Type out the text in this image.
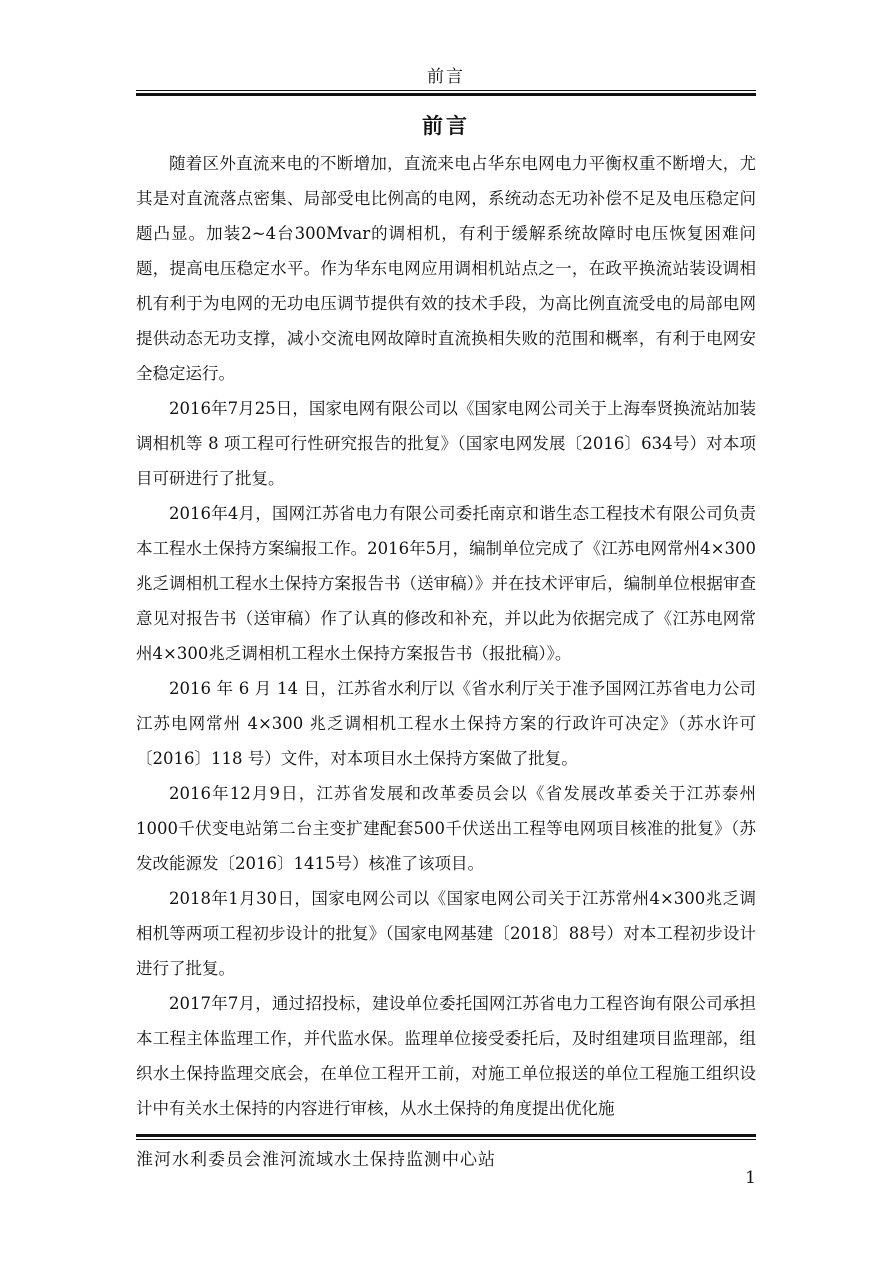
前言
前言

随着区外直流来电的不断增加，直流来电占华东电网电力平衡权重不断增大，尤其是对直流落点密集、局部受电比例高的电网，系统动态无功补偿不足及电压稳定问题凸显。加装2~4台300Mvar的调相机，有利于缓解系统故障时电压恢复困难问题，提高电压稳定水平。作为华东电网应用调相机站点之一，在政平换流站装设调相机有利于为电网的无功电压调节提供有效的技术手段，为高比例直流受电的局部电网提供动态无功支撑，减小交流电网故障时直流换相失败的范围和概率，有利于电网安全稳定运行。

2016年7月25日，国家电网有限公司以《国家电网公司关于上海奉贤换流站加装调相机等 8 项工程可行性研究报告的批复》（国家电网发展〔2016〕634号）对本项目可研进行了批复。

2016年4月，国网江苏省电力有限公司委托南京和谐生态工程技术有限公司负责本工程水土保持方案编报工作。2016年5月，编制单位完成了《江苏电网常州4×300兆乏调相机工程水土保持方案报告书（送审稿）》并在技术评审后，编制单位根据审查意见对报告书（送审稿）作了认真的修改和补充，并以此为依据完成了《江苏电网常州4×300兆乏调相机工程水土保持方案报告书（报批稿）》。

2016 年 6 月 14 日，江苏省水利厅以《省水利厅关于准予国网江苏省电力公司江苏电网常州 4×300 兆乏调相机工程水土保持方案的行政许可决定》（苏水许可〔2016〕118 号）文件，对本项目水土保持方案做了批复。

2016年12月9日，江苏省发展和改革委员会以《省发展改革委关于江苏泰州1000千伏变电站第二台主变扩建配套500千伏送出工程等电网项目核准的批复》（苏发改能源发〔2016〕1415号）核准了该项目。

2018年1月30日，国家电网公司以《国家电网公司关于江苏常州4×300兆乏调相机等两项工程初步设计的批复》（国家电网基建〔2018〕88号）对本工程初步设计进行了批复。

2017年7月，通过招投标，建设单位委托国网江苏省电力工程咨询有限公司承担本工程主体监理工作，并代监水保。监理单位接受委托后，及时组建项目监理部，组织水土保持监理交底会，在单位工程开工前，对施工单位报送的单位工程施工组织设计中有关水土保持的内容进行审核，从水土保持的角度提出优化施

淮河水利委员会淮河流域水土保持监测中心站
1
